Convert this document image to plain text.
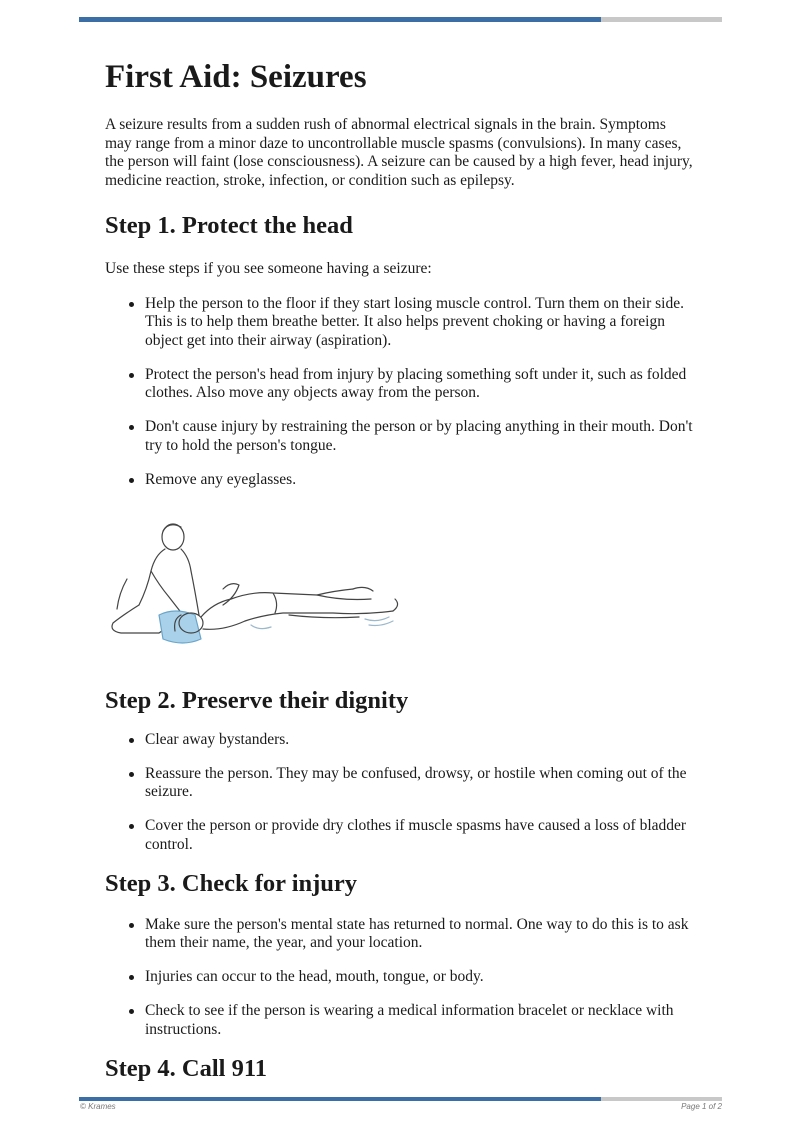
First Aid: Seizures

A seizure results from a sudden rush of abnormal electrical signals in the brain. Symptoms may range from a minor daze to uncontrollable muscle spasms (convulsions). In many cases, the person will faint (lose consciousness). A seizure can be caused by a high fever, head injury, medicine reaction, stroke, infection, or condition such as epilepsy.

Step 1. Protect the head

Use these steps if you see someone having a seizure:

Help the person to the floor if they start losing muscle control. Turn them on their side. This is to help them breathe better. It also helps prevent choking or having a foreign object get into their airway (aspiration).
Protect the person's head from injury by placing something soft under it, such as folded clothes. Also move any objects away from the person.
Don't cause injury by restraining the person or by placing anything in their mouth. Don't try to hold the person's tongue.
Remove any eyeglasses.
Step 2. Preserve their dignity
Clear away bystanders.
Reassure the person. They may be confused, drowsy, or hostile when coming out of the seizure.
Cover the person or provide dry clothes if muscle spasms have caused a loss of bladder control.
Step 3. Check for injury
Make sure the person's mental state has returned to normal. One way to do this is to ask them their name, the year, and your location.
Injuries can occur to the head, mouth, tongue, or body.
Check to see if the person is wearing a medical information bracelet or necklace with instructions.
Step 4. Call 911
© Krames	Page 1 of 2
